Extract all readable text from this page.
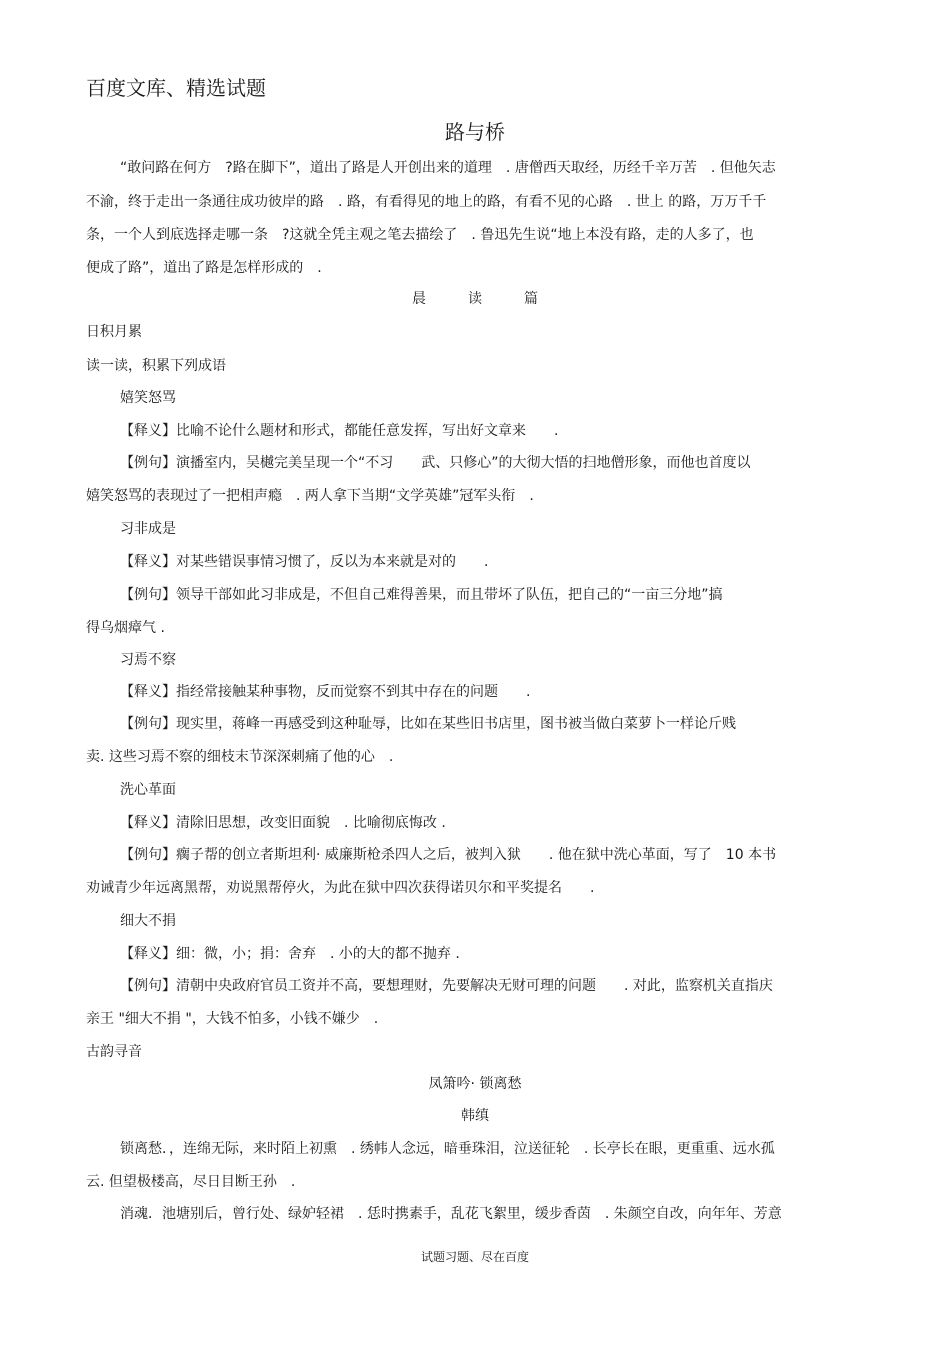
百度文库、精选试题
路与桥
“敢问路在何方　?路在脚下”，道出了路是人开创出来的道理　. 唐僧西天取经，历经千辛万苦　. 但他矢志
不渝，终于走出一条通往成功彼岸的路　. 路，有看得见的地上的路，有看不见的心路　. 世上 的路，万万千千
条，一个人到底选择走哪一条　?这就全凭主观之笔去描绘了　. 鲁迅先生说“地上本没有路，走的人多了，也
便成了路”，道出了路是怎样形成的　.
晨　　　读　　　篇
日积月累
读一读，积累下列成语
嬉笑怒骂
【释义】比喻不论什么题材和形式，都能任意发挥，写出好文章来　　.
【例句】演播室内，吴樾完美呈现一个“不习　　武、只修心”的大彻大悟的扫地僧形象，而他也首度以
嬉笑怒骂的表现过了一把相声瘾　. 两人拿下当期“文学英雄”冠军头衔　.
习非成是
【释义】对某些错误事情习惯了，反以为本来就是对的　　.
【例句】领导干部如此习非成是，不但自己难得善果，而且带坏了队伍，把自己的“一亩三分地”搞
得乌烟瘴气 .
习焉不察
【释义】指经常接触某种事物，反而觉察不到其中存在的问题　　.
【例句】现实里，蒋峰一再感受到这种耻辱，比如在某些旧书店里，图书被当做白菜萝卜一样论斤贱
卖. 这些习焉不察的细枝末节深深刺痛了他的心　.
洗心革面
【释义】清除旧思想，改变旧面貌　. 比喻彻底悔改 .
【例句】瘸子帮的创立者斯坦利· 威廉斯枪杀四人之后，被判入狱　　. 他在狱中洗心革面，写了　10 本书
劝诫青少年远离黑帮，劝说黑帮停火，为此在狱中四次获得诺贝尔和平奖提名　　.
细大不捐
【释义】细：微，小；捐：舍弃　. 小的大的都不抛弃 .
【例句】清朝中央政府官员工资并不高，要想理财，先要解决无财可理的问题　　. 对此，监察机关直指庆
亲王 "细大不捐 "，大钱不怕多，小钱不嫌少　.
古韵寻音
凤箫吟· 锁离愁
韩缜
锁离愁．，连绵无际，来时陌上初熏　. 绣帏人念远，暗垂珠泪，泣送征轮　. 长亭长在眼，更重重、远水孤
云. 但望极楼高，尽日目断王孙　.
消魂．池塘别后，曾行处、绿妒轻裙　. 恁时携素手，乱花飞絮里，缓步香茵　. 朱颜空自改，向年年、芳意
试题习题、尽在百度
